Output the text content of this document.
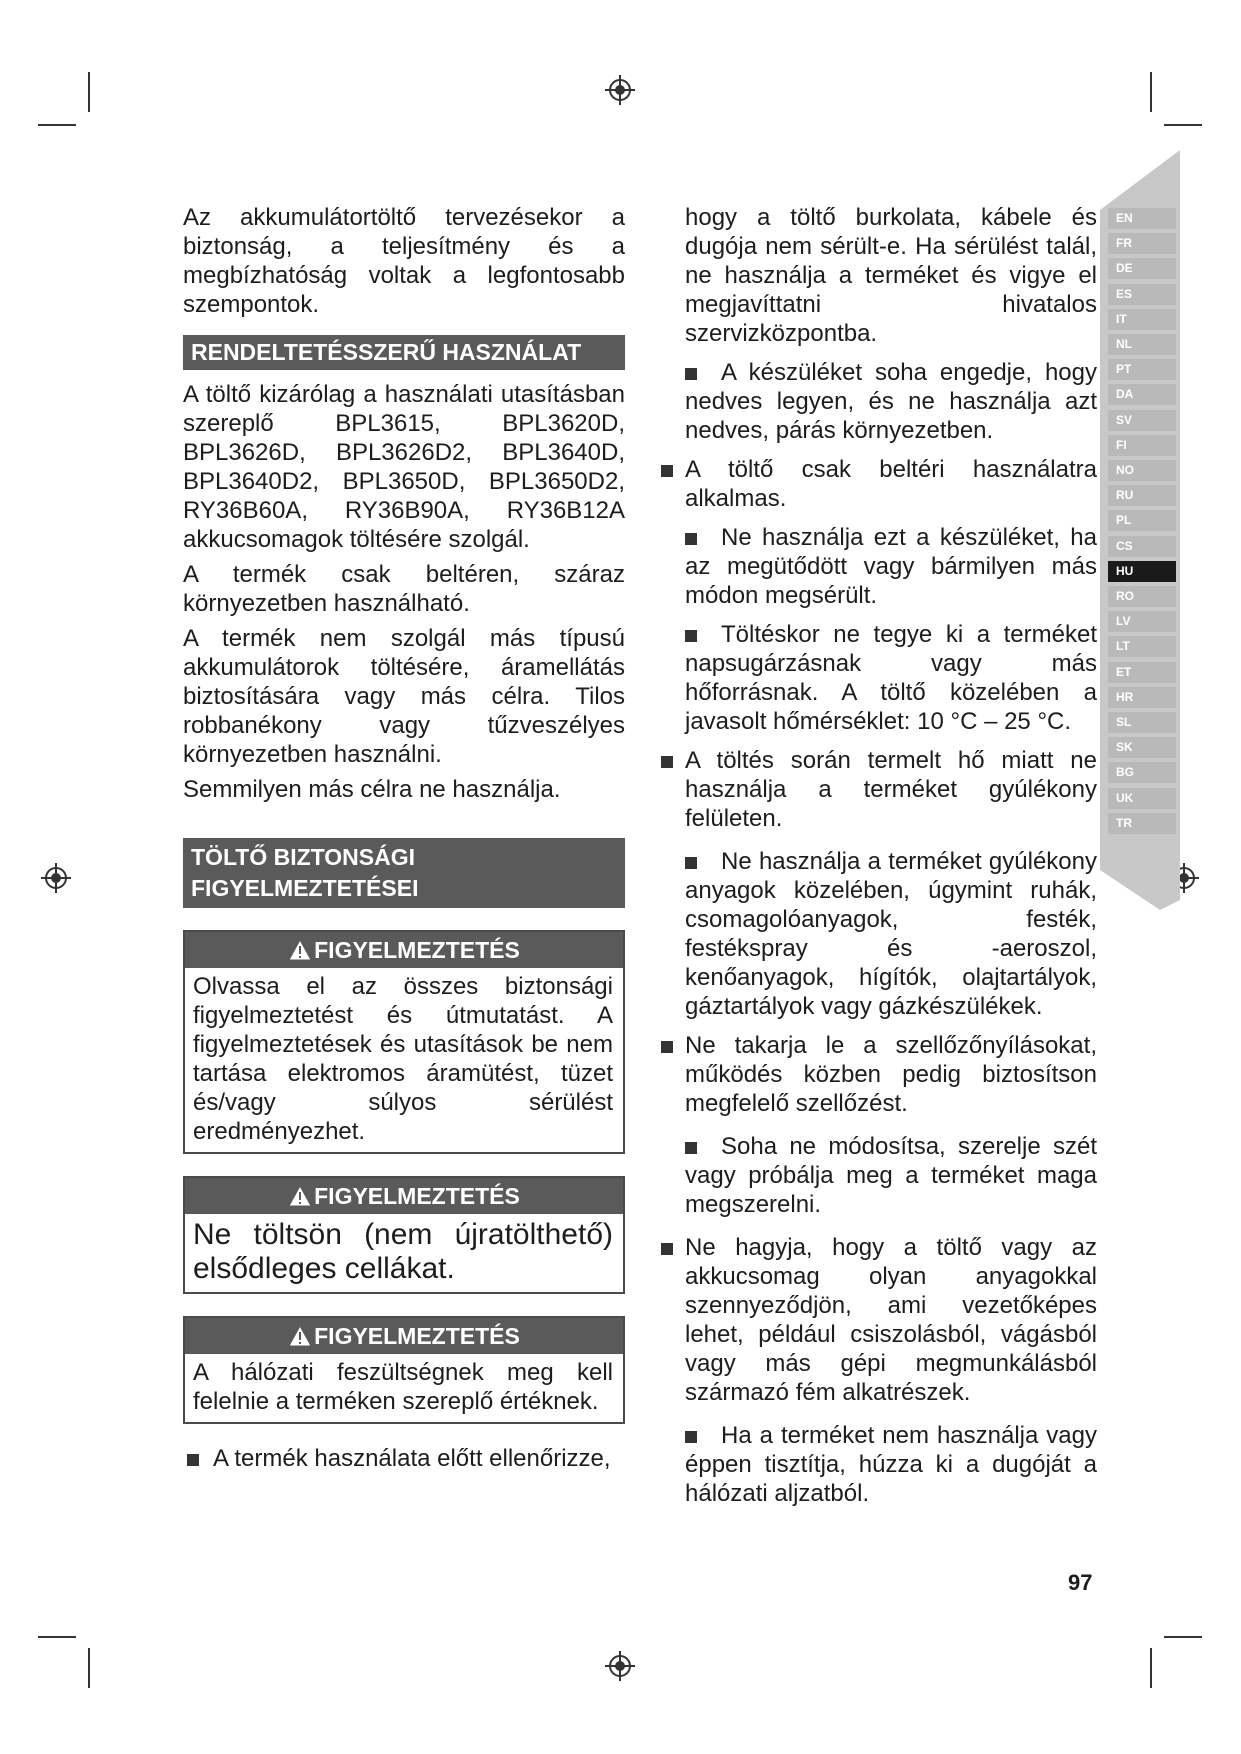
EN
FR
DE
ES
IT
NL
PT
DA
SV
FI
NO
RU
PL
CS
HU
RO
LV
LT
ET
HR
SL
SK
BG
UK
TR

Az akkumulátortöltő tervezésekor a biztonság, a teljesítmény és a megbízhatóság voltak a legfontosabb szempontok.

RENDELTETÉSSZERŰ HASZNÁLAT

A töltő kizárólag a használati utasításban szereplő BPL3615, BPL3620D, BPL3626D, BPL3626D2, BPL3640D, BPL3640D2, BPL3650D, BPL3650D2, RY36B60A, RY36B90A, RY36B12A akkucsomagok töltésére szolgál.

A termék csak beltéren, száraz környezetben használható.

A termék nem szolgál más típusú akkumulátorok töltésére, áramellátás biztosítására vagy más célra. Tilos robbanékony vagy tűzveszélyes környezetben használni.

Semmilyen más célra ne használja.

TÖLTŐ BIZTONSÁGI
FIGYELMEZTETÉSEI
FIGYELMEZTETÉS

Olvassa el az összes biztonsági figyelmeztetést és útmutatást. A figyelmeztetések és utasítások be nem tartása elektromos áramütést, tüzet és/vagy súlyos sérülést eredményezhet.

FIGYELMEZTETÉS

Ne töltsön (nem újratölthető) elsődleges cellákat.

FIGYELMEZTETÉS

A hálózati feszültségnek meg kell felelnie a terméken szereplő értéknek.

A termék használata előtt ellenőrizze,

hogy a töltő burkolata, kábele és dugója nem sérült-e. Ha sérülést talál, ne használja a terméket és vigye el megjavíttatni hivatalos szervizközpontba.

A készüléket soha engedje, hogy nedves legyen, és ne használja azt nedves, párás környezetben.

A töltő csak beltéri használatra alkalmas.

Ne használja ezt a készüléket, ha az megütődött vagy bármilyen más módon megsérült.

Töltéskor ne tegye ki a terméket napsugárzásnak vagy más hőforrásnak. A töltő közelében a javasolt hőmérséklet: 10 °C – 25 °C.

A töltés során termelt hő miatt ne használja a terméket gyúlékony felületen.

Ne használja a terméket gyúlékony anyagok közelében, úgymint ruhák, csomagolóanyagok, festék, festékspray és -aeroszol, kenőanyagok, hígítók, olajtartályok, gáztartályok vagy gázkészülékek.

Ne takarja le a szellőzőnyílásokat, működés közben pedig biztosítson megfelelő szellőzést.

Soha ne módosítsa, szerelje szét vagy próbálja meg a terméket maga megszerelni.

Ne hagyja, hogy a töltő vagy az akkucsomag olyan anyagokkal szennyeződjön, ami vezetőképes lehet, például csiszolásból, vágásból vagy más gépi megmunkálásból származó fém alkatrészek.

Ha a terméket nem használja vagy éppen tisztítja, húzza ki a dugóját a hálózati aljzatból.

97
